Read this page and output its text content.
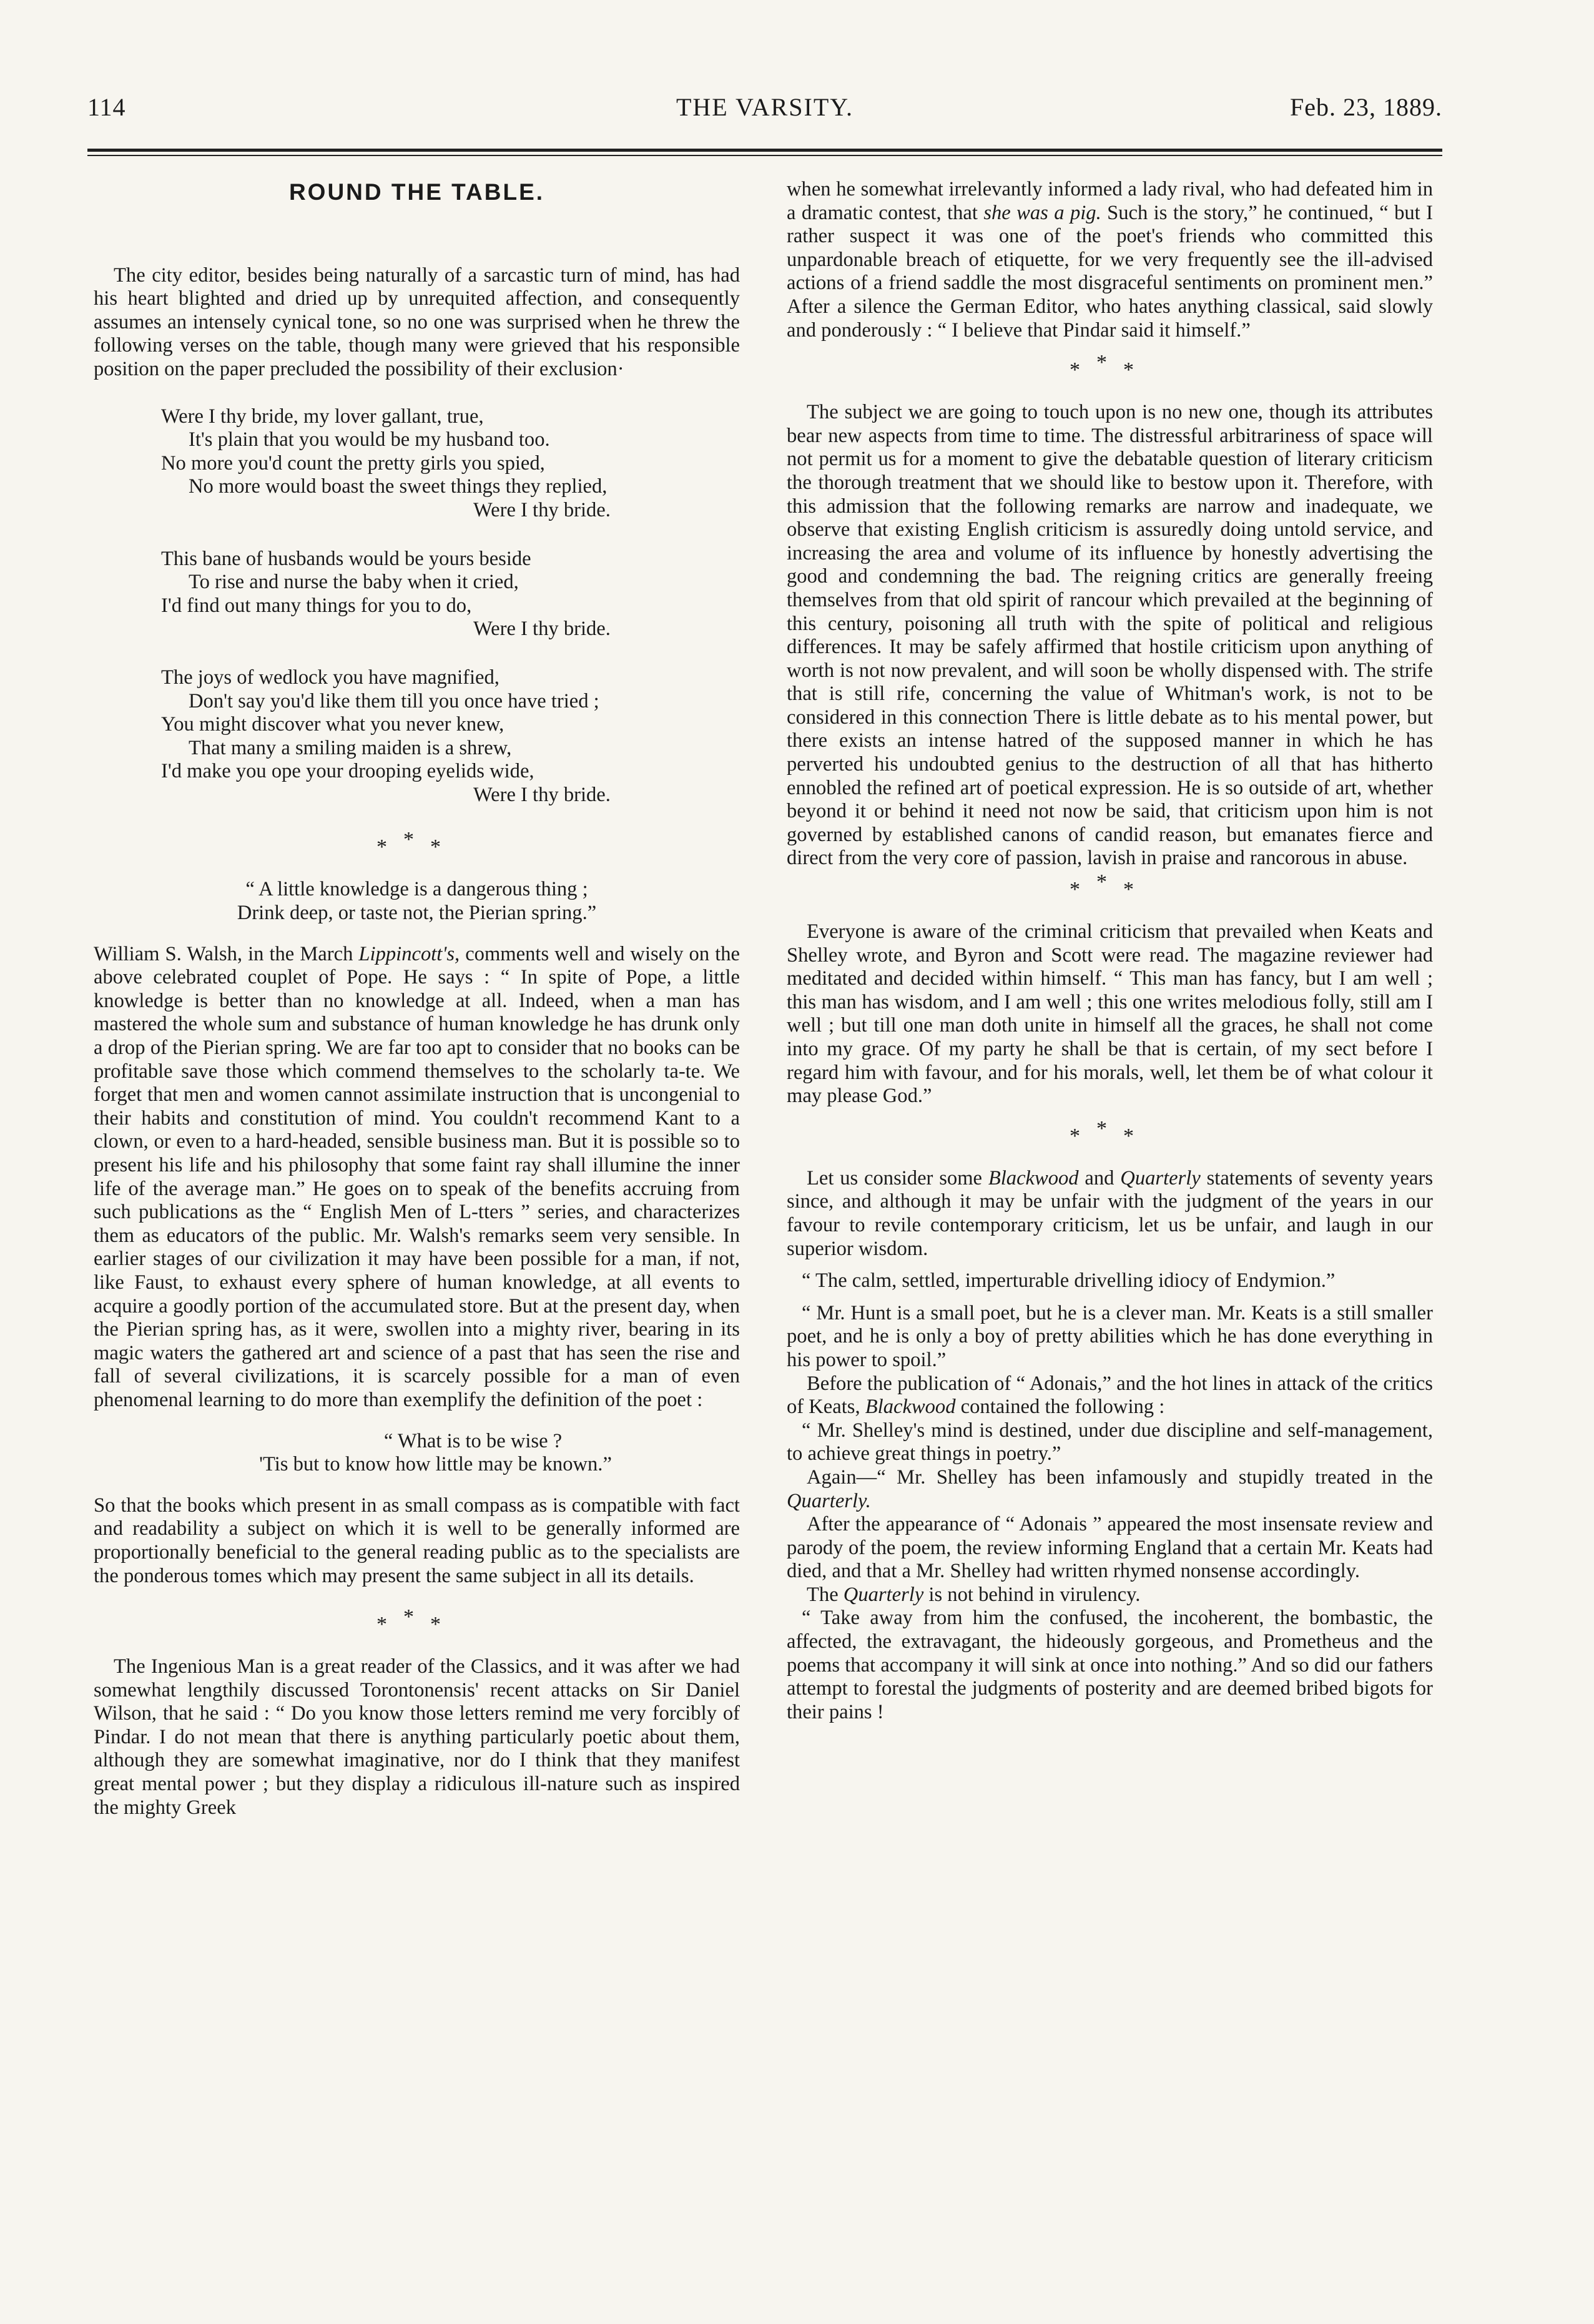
114	THE VARSITY.	Feb. 23, 1889.
ROUND THE TABLE.

The city editor, besides being naturally of a sarcastic turn of mind, has had his heart blighted and dried up by unrequited affection, and consequently assumes an intensely cynical tone, so no one was surprised when he threw the following verses on the table, though many were grieved that his responsible position on the paper precluded the possibility of their exclusion·

Were I thy bride, my lover gallant, true,
It's plain that you would be my husband too.
No more you'd count the pretty girls you spied,
No more would boast the sweet things they replied,
Were I thy bride.
This bane of husbands would be yours beside
To rise and nurse the baby when it cried,
I'd find out many things for you to do,
Were I thy bride.
The joys of wedlock you have magnified,
Don't say you'd like them till you once have tried ;
You might discover what you never knew,
That many a smiling maiden is a shrew,
I'd make you ope your drooping eyelids wide,
Were I thy bride.
***
“ A little knowledge is a dangerous thing ;
Drink deep, or taste not, the Pierian spring.”

William S. Walsh, in the March Lippincott's, comments well and wisely on the above celebrated couplet of Pope. He says : “ In spite of Pope, a little knowledge is better than no knowledge at all. Indeed, when a man has mastered the whole sum and substance of human knowledge he has drunk only a drop of the Pierian spring. We are far too apt to consider that no books can be profitable save those which commend themselves to the scholarly ta-te. We forget that men and women cannot assimilate instruction that is uncongenial to their habits and constitution of mind. You couldn't recommend Kant to a clown, or even to a hard-headed, sensible business man. But it is possible so to present his life and his philosophy that some faint ray shall illumine the inner life of the average man.” He goes on to speak of the benefits accruing from such publications as the “ English Men of L-tters ” series, and characterizes them as educators of the public. Mr. Walsh's remarks seem very sensible. In earlier stages of our civilization it may have been possible for a man, if not, like Faust, to exhaust every sphere of human knowledge, at all events to acquire a goodly portion of the accumulated store. But at the present day, when the Pierian spring has, as it were, swollen into a mighty river, bearing in its magic waters the gathered art and science of a past that has seen the rise and fall of several civilizations, it is scarcely possible for a man of even phenomenal learning to do more than exemplify the definition of the poet :

“ What is to be wise ?
'Tis but to know how little may be known.”

So that the books which present in as small compass as is compatible with fact and readability a subject on which it is well to be generally informed are proportionally beneficial to the general reading public as to the specialists are the ponderous tomes which may present the same subject in all its details.

***

The Ingenious Man is a great reader of the Classics, and it was after we had somewhat lengthily discussed Torontonensis' recent attacks on Sir Daniel Wilson, that he said : “ Do you know those letters remind me very forcibly of Pindar. I do not mean that there is anything particularly poetic about them, although they are somewhat imaginative, nor do I think that they manifest great mental power ; but they display a ridiculous ill-nature such as inspired the mighty Greek

when he somewhat irrelevantly informed a lady rival, who had defeated him in a dramatic contest, that she was a pig. Such is the story,” he continued, “ but I rather suspect it was one of the poet's friends who committed this unpardonable breach of etiquette, for we very frequently see the ill-advised actions of a friend saddle the most disgraceful sentiments on prominent men.” After a silence the German Editor, who hates anything classical, said slowly and ponderously : “ I believe that Pindar said it himself.”

***

The subject we are going to touch upon is no new one, though its attributes bear new aspects from time to time. The distressful arbitrariness of space will not permit us for a moment to give the debatable question of literary criticism the thorough treatment that we should like to bestow upon it. Therefore, with this admission that the following remarks are narrow and inadequate, we observe that existing English criticism is assuredly doing untold service, and increasing the area and volume of its influence by honestly advertising the good and condemning the bad. The reigning critics are generally freeing themselves from that old spirit of rancour which prevailed at the beginning of this century, poisoning all truth with the spite of political and religious differences. It may be safely affirmed that hostile criticism upon anything of worth is not now prevalent, and will soon be wholly dispensed with. The strife that is still rife, concerning the value of Whitman's work, is not to be considered in this connection There is little debate as to his mental power, but there exists an intense hatred of the supposed manner in which he has perverted his undoubted genius to the destruction of all that has hitherto ennobled the refined art of poetical expression. He is so outside of art, whether beyond it or behind it need not now be said, that criticism upon him is not governed by established canons of candid reason, but emanates fierce and direct from the very core of passion, lavish in praise and rancorous in abuse.

***

Everyone is aware of the criminal criticism that prevailed when Keats and Shelley wrote, and Byron and Scott were read. The magazine reviewer had meditated and decided within himself. “ This man has fancy, but I am well ; this man has wisdom, and I am well ; this one writes melodious folly, still am I well ; but till one man doth unite in himself all the graces, he shall not come into my grace. Of my party he shall be that is certain, of my sect before I regard him with favour, and for his morals, well, let them be of what colour it may please God.”

***

Let us consider some Blackwood and Quarterly statements of seventy years since, and although it may be unfair with the judgment of the years in our favour to revile contemporary criticism, let us be unfair, and laugh in our superior wisdom.

“ The calm, settled, imperturable drivelling idiocy of Endymion.”

“ Mr. Hunt is a small poet, but he is a clever man. Mr. Keats is a still smaller poet, and he is only a boy of pretty abilities which he has done everything in his power to spoil.”

Before the publication of “ Adonais,” and the hot lines in attack of the critics of Keats, Blackwood contained the following :

“ Mr. Shelley's mind is destined, under due discipline and self-management, to achieve great things in poetry.”

Again—“ Mr. Shelley has been infamously and stupidly treated in the Quarterly.

After the appearance of “ Adonais ” appeared the most insensate review and parody of the poem, the review informing England that a certain Mr. Keats had died, and that a Mr. Shelley had written rhymed nonsense accordingly.

The Quarterly is not behind in virulency.

“ Take away from him the confused, the incoherent, the bombastic, the affected, the extravagant, the hideously gorgeous, and Prometheus and the poems that accompany it will sink at once into nothing.” And so did our fathers attempt to forestal the judgments of posterity and are deemed bribed bigots for their pains !
